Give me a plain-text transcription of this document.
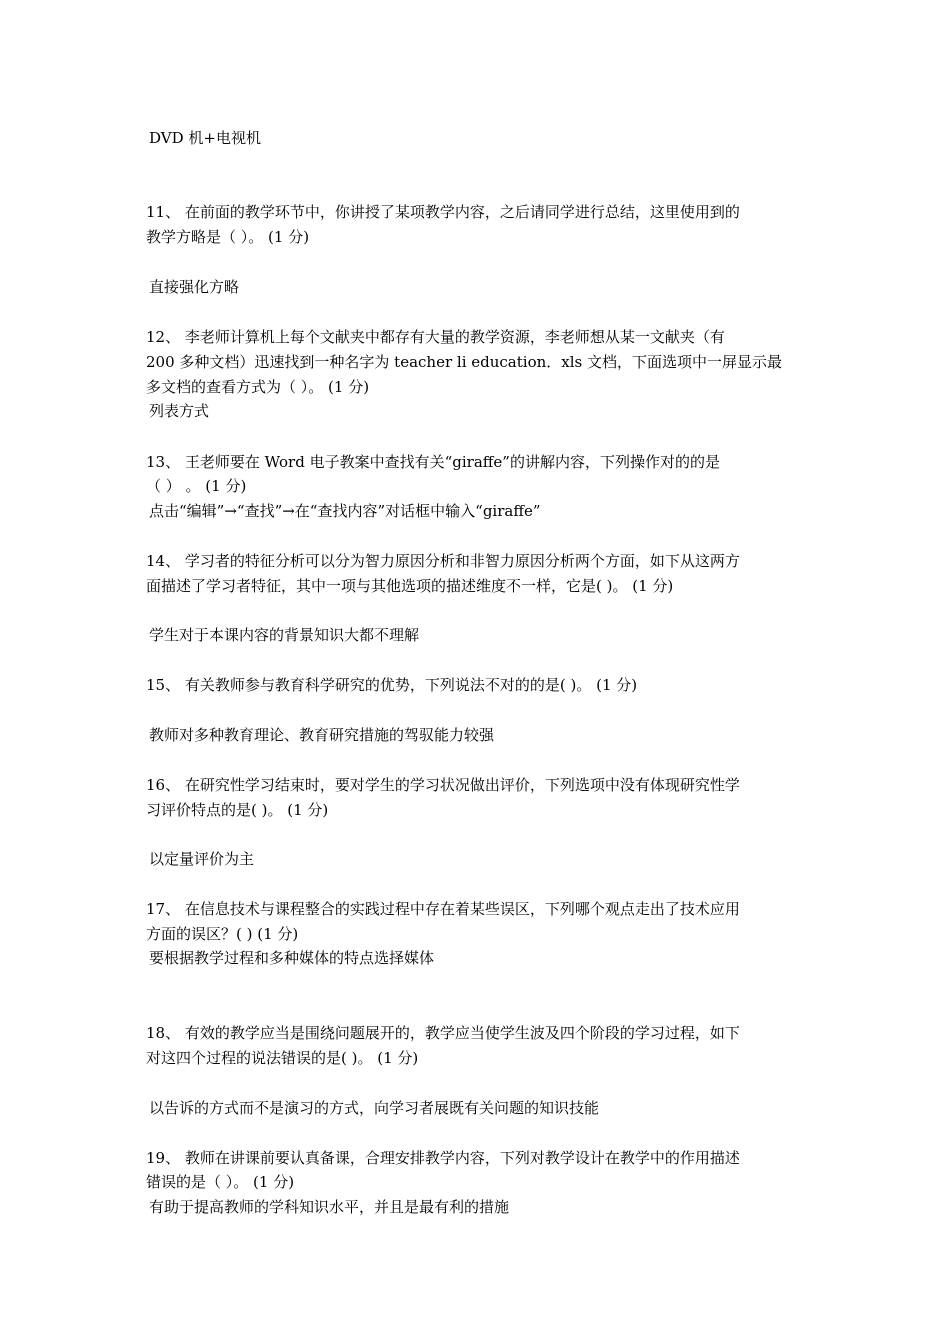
DVD 机+电视机
11、 在前面的教学环节中，你讲授了某项教学内容，之后请同学进行总结，这里使用到的
教学方略是（ ）。 (1 分)
直接强化方略
12、 李老师计算机上每个文献夹中都存有大量的教学资源，李老师想从某一文献夹（有
200 多种文档）迅速找到一种名字为 teacher li education．xls 文档，下面选项中一屏显示最
多文档的查看方式为（ ）。 (1 分)
列表方式
13、 王老师要在 Word 电子教案中查找有关“giraffe”的讲解内容，下列操作对的的是
（ ） 。 (1 分)
点击“编辑”→“查找”→在“查找内容”对话框中输入“giraffe”
14、 学习者的特征分析可以分为智力原因分析和非智力原因分析两个方面，如下从这两方
面描述了学习者特征，其中一项与其他选项的描述维度不一样，它是( )。 (1 分)
学生对于本课内容的背景知识大都不理解
15、 有关教师参与教育科学研究的优势，下列说法不对的的是( )。 (1 分)
教师对多种教育理论、教育研究措施的驾驭能力较强
16、 在研究性学习结束时，要对学生的学习状况做出评价，下列选项中没有体现研究性学
习评价特点的是( )。 (1 分)
以定量评价为主
17、 在信息技术与课程整合的实践过程中存在着某些误区，下列哪个观点走出了技术应用
方面的误区？( ) (1 分)
要根据教学过程和多种媒体的特点选择媒体
18、 有效的教学应当是围绕问题展开的，教学应当使学生波及四个阶段的学习过程，如下
对这四个过程的说法错误的是( )。 (1 分)
以告诉的方式而不是演习的方式，向学习者展既有关问题的知识技能
19、 教师在讲课前要认真备课，合理安排教学内容，下列对教学设计在教学中的作用描述
错误的是（ ）。 (1 分)
有助于提高教师的学科知识水平，并且是最有利的措施
